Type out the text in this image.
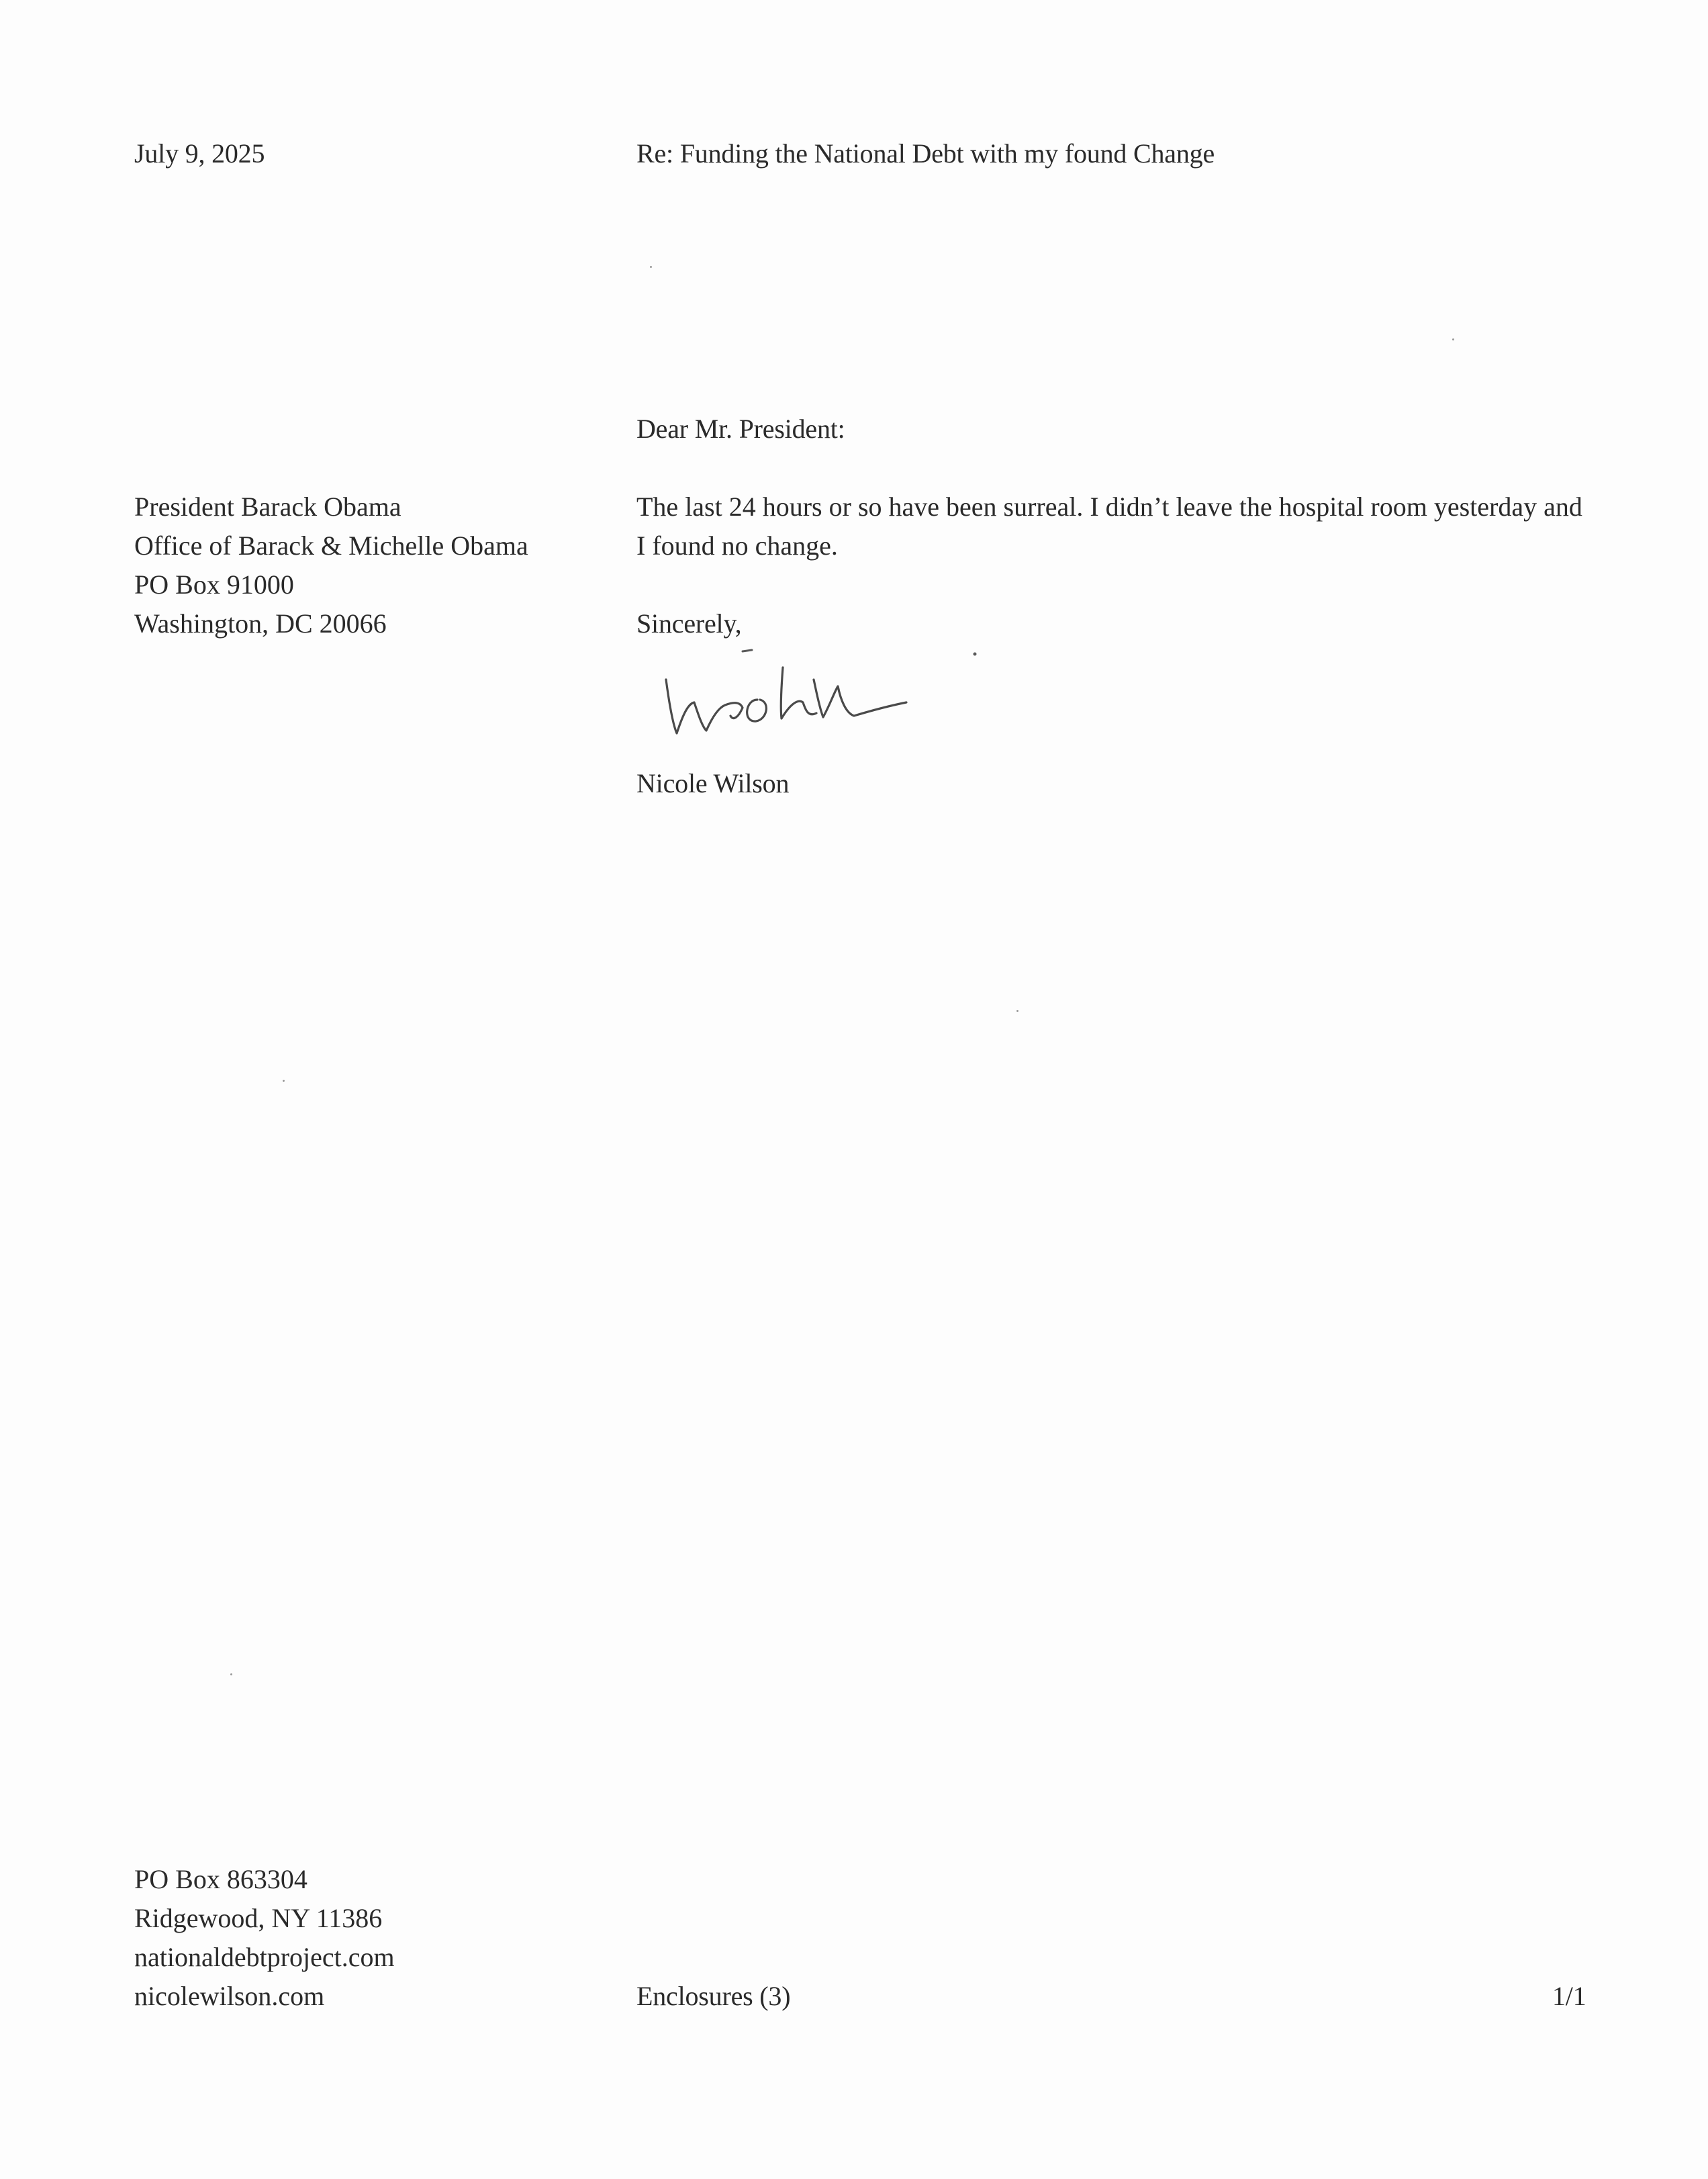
July 9, 2025	Re: Funding the National Debt with my found Change
Dear Mr. President:
President Barack Obama
Office of Barack & Michelle Obama
PO Box 91000
Washington, DC 20066
The last 24 hours or so have been surreal. I didn’t leave the hospital room yesterday and I found no change.
Sincerely,
Nicole Wilson
PO Box 863304
Ridgewood, NY 11386
nationaldebtproject.com
nicolewilson.com	Enclosures (3)	1/1
